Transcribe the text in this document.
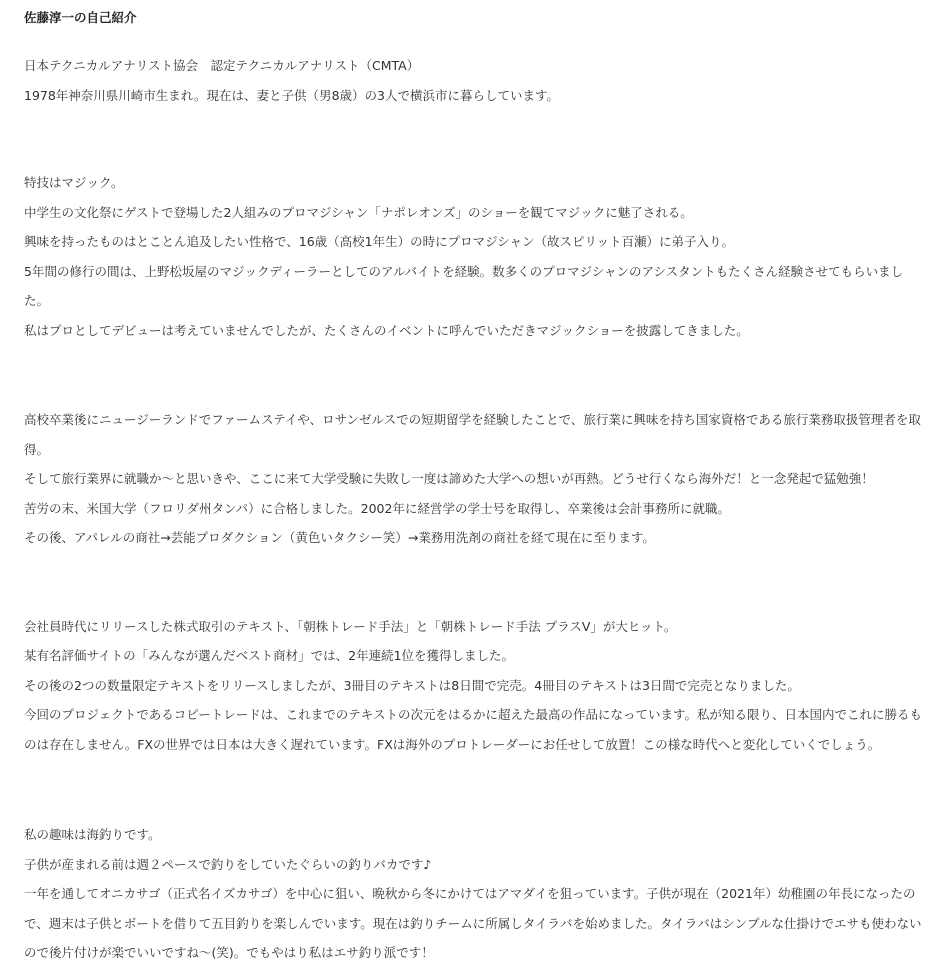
佐藤淳一の自己紹介
日本テクニカルアナリスト協会　認定テクニカルアナリスト（CMTA）
1978年神奈川県川崎市生まれ。現在は、妻と子供（男8歳）の3人で横浜市に暮らしています。
特技はマジック。
中学生の文化祭にゲストで登場した2人組みのプロマジシャン「ナポレオンズ」のショーを観てマジックに魅了される。
興味を持ったものはとことん追及したい性格で、16歳（高校1年生）の時にプロマジシャン（故スピリット百瀬）に弟子入り。
5年間の修行の間は、上野松坂屋のマジックディーラーとしてのアルバイトを経験。数多くのプロマジシャンのアシスタントもたくさん経験させてもらいました。
私はプロとしてデビューは考えていませんでしたが、たくさんのイベントに呼んでいただきマジックショーを披露してきました。
高校卒業後にニュージーランドでファームステイや、ロサンゼルスでの短期留学を経験したことで、旅行業に興味を持ち国家資格である旅行業務取扱管理者を取得。
そして旅行業界に就職か～と思いきや、ここに来て大学受験に失敗し一度は諦めた大学への想いが再熱。どうせ行くなら海外だ！と一念発起で猛勉強！
苦労の末、米国大学（フロリダ州タンパ）に合格しました。2002年に経営学の学士号を取得し、卒業後は会計事務所に就職。
その後、アパレルの商社→芸能プロダクション（黄色いタクシー笑）→業務用洗剤の商社を経て現在に至ります。
会社員時代にリリースした株式取引のテキスト、「朝株トレード手法」と「朝株トレード手法 プラスV」が大ヒット。
某有名評価サイトの「みんなが選んだベスト商材」では、2年連続1位を獲得しました。
その後の2つの数量限定テキストをリリースしましたが、3冊目のテキストは8日間で完売。4冊目のテキストは3日間で完売となりました。
今回のプロジェクトであるコピートレードは、これまでのテキストの次元をはるかに超えた最高の作品になっています。私が知る限り、日本国内でこれに勝るものは存在しません。FXの世界では日本は大きく遅れています。FXは海外のプロトレーダーにお任せして放置！この様な時代へと変化していくでしょう。
私の趣味は海釣りです。
子供が産まれる前は週２ペースで釣りをしていたぐらいの釣りバカです♪
一年を通してオニカサゴ（正式名イズカサゴ）を中心に狙い、晩秋から冬にかけてはアマダイを狙っています。子供が現在（2021年）幼稚園の年長になったので、週末は子供とボートを借りて五目釣りを楽しんでいます。現在は釣りチームに所属しタイラバを始めました。タイラバはシンプルな仕掛けでエサも使わないので後片付けが楽でいいですね～(笑)。でもやはり私はエサ釣り派です！
